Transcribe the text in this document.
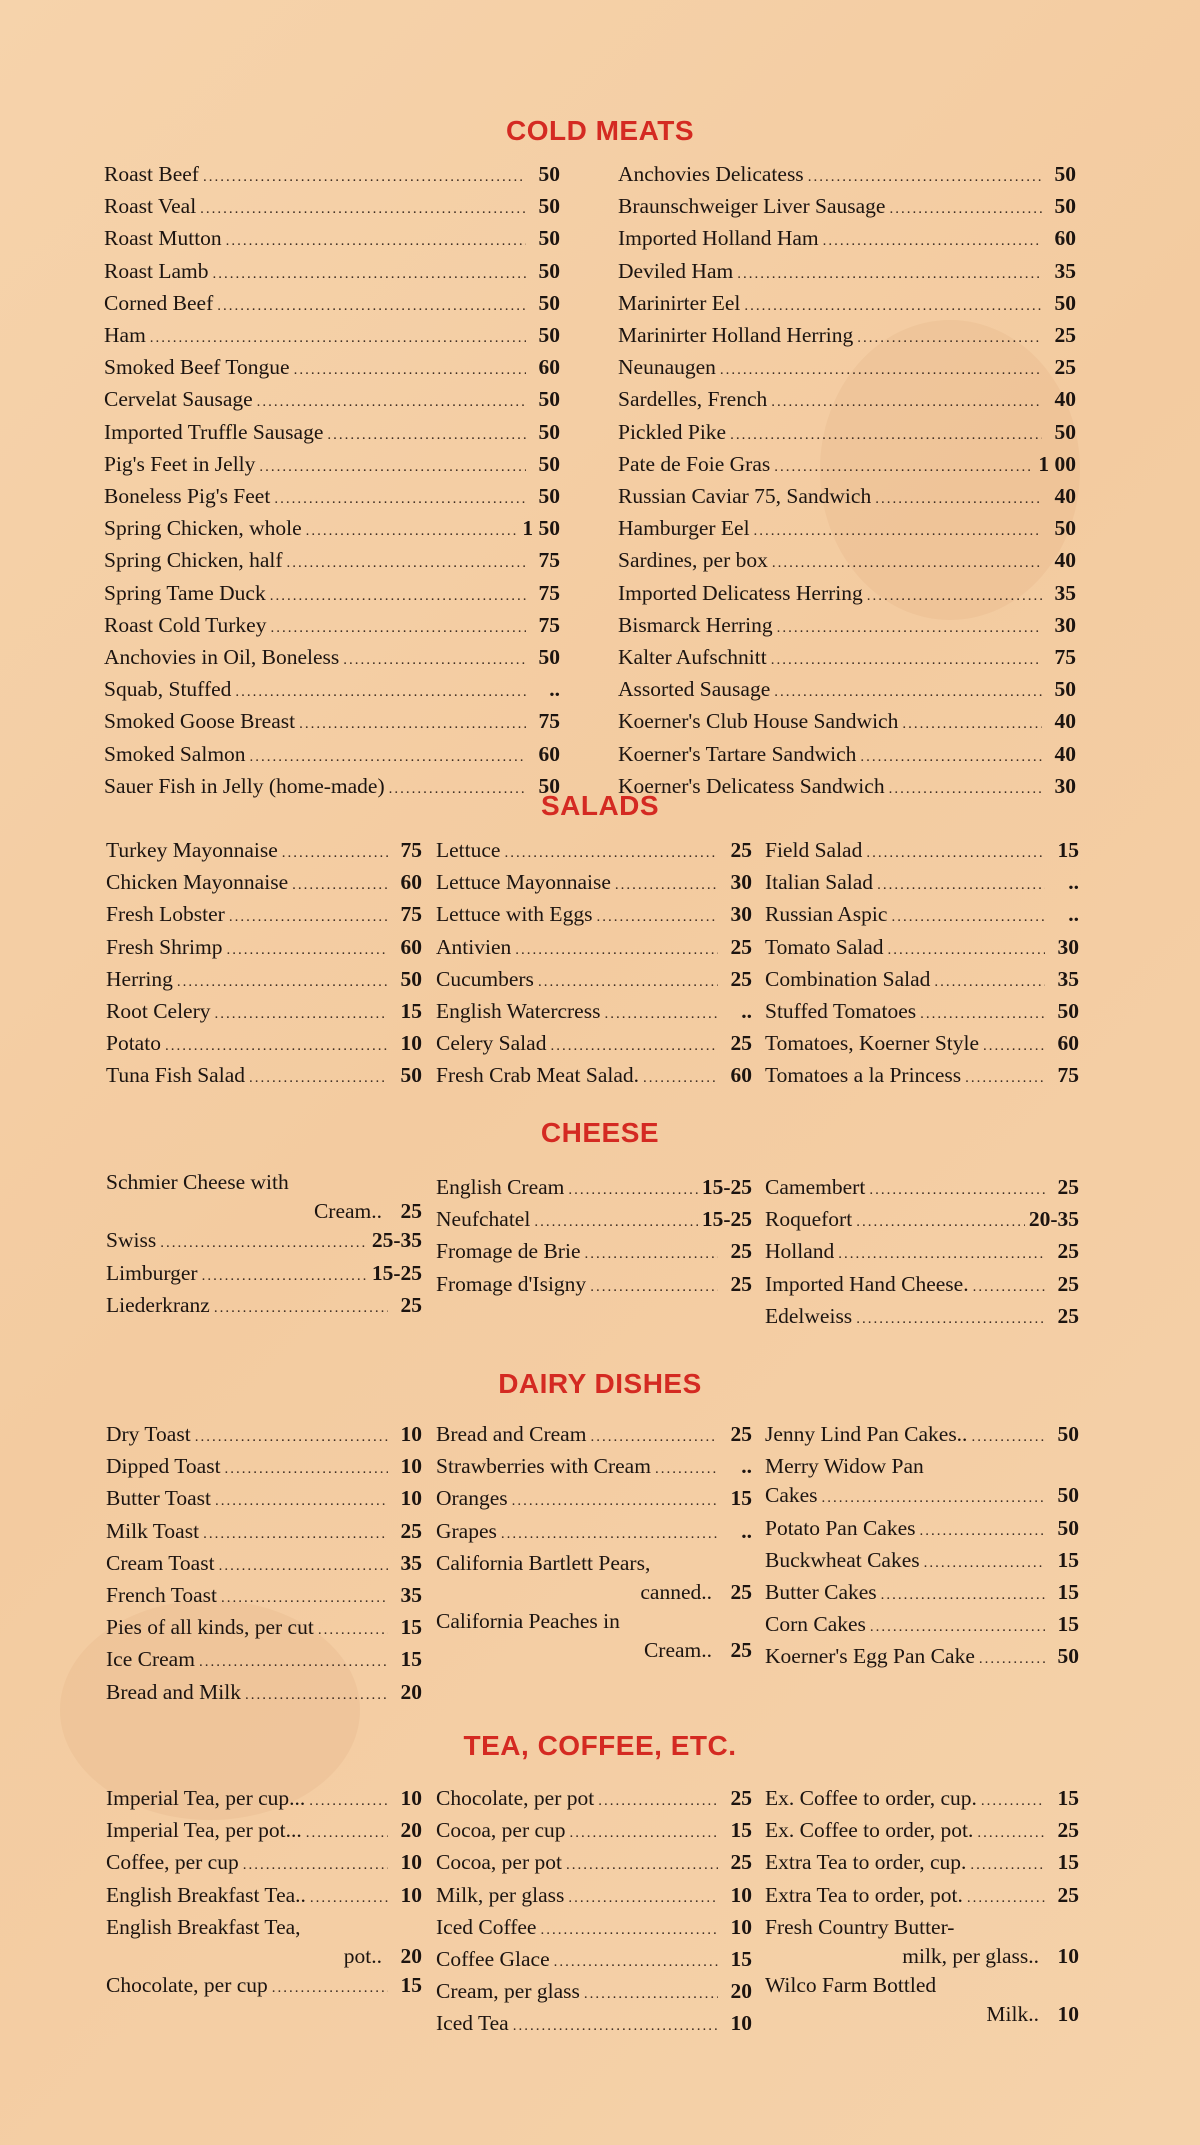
COLD MEATS
Roast Beef .....	50
Roast Veal .....	50
Roast Mutton .....	50
Roast Lamb .....	50
Corned Beef .....	50
Ham .....	50
Smoked Beef Tongue .....	60
Cervelat Sausage .....	50
Imported Truffle Sausage .....	50
Pig's Feet in Jelly .....	50
Boneless Pig's Feet .....	50
Spring Chicken, whole .....	1 50
Spring Chicken, half .....	75
Spring Tame Duck .....	75
Roast Cold Turkey .....	75
Anchovies in Oil, Boneless .....	50
Squab, Stuffed .....	..
Smoked Goose Breast .....	75
Smoked Salmon .....	60
Sauer Fish in Jelly (home-made) .....	50
Anchovies Delicatess .....	50
Braunschweiger Liver Sausage .....	50
Imported Holland Ham .....	60
Deviled Ham .....	35
Marinirter Eel .....	50
Marinirter Holland Herring .....	25
Neunaugen .....	25
Sardelles, French .....	40
Pickled Pike .....	50
Pate de Foie Gras .....	1 00
Russian Caviar 75, Sandwich .....	40
Hamburger Eel .....	50
Sardines, per box .....	40
Imported Delicatess Herring .....	35
Bismarck Herring .....	30
Kalter Aufschnitt .....	75
Assorted Sausage .....	50
Koerner's Club House Sandwich .....	40
Koerner's Tartare Sandwich .....	40
Koerner's Delicatess Sandwich .....	30
SALADS
Turkey Mayonnaise .....	75
Chicken Mayonnaise .....	60
Fresh Lobster .....	75
Fresh Shrimp .....	60
Herring .....	50
Root Celery .....	15
Potato .....	10
Tuna Fish Salad .....	50
Lettuce .....	25
Lettuce Mayonnaise .....	30
Lettuce with Eggs .....	30
Antivien .....	25
Cucumbers .....	25
English Watercress .....	..
Celery Salad .....	25
Fresh Crab Meat Salad. .....	60
Field Salad .....	15
Italian Salad .....	..
Russian Aspic .....	..
Tomato Salad .....	30
Combination Salad .....	35
Stuffed Tomatoes .....	50
Tomatoes, Koerner Style .....	60
Tomatoes a la Princess .....	75
CHEESE
Schmier Cheese with
Cream.. 25
Swiss .....	25-35
Limburger .....	15-25
Liederkranz .....	25
English Cream .....	15-25
Neufchatel .....	15-25
Fromage de Brie .....	25
Fromage d'Isigny .....	25
Camembert .....	25
Roquefort .....	20-35
Holland .....	25
Imported Hand Cheese. .....	25
Edelweiss .....	25
DAIRY DISHES
Dry Toast .....	10
Dipped Toast .....	10
Butter Toast .....	10
Milk Toast .....	25
Cream Toast .....	35
French Toast .....	35
Pies of all kinds, per cut .....	15
Ice Cream .....	15
Bread and Milk .....	20
Bread and Cream .....	25
Strawberries with Cream .....	..
Oranges .....	15
Grapes .....	..
California Bartlett Pears,
canned.. 25
California Peaches in
Cream.. 25
Jenny Lind Pan Cakes.. .....	50
Merry Widow Pan
Cakes .....	50
Potato Pan Cakes .....	50
Buckwheat Cakes .....	15
Butter Cakes .....	15
Corn Cakes .....	15
Koerner's Egg Pan Cake .....	50
TEA, COFFEE, ETC.
Imperial Tea, per cup... .....	10
Imperial Tea, per pot... .....	20
Coffee, per cup .....	10
English Breakfast Tea.. .....	10
English Breakfast Tea,
pot.. 20
Chocolate, per cup .....	15
Chocolate, per pot .....	25
Cocoa, per cup .....	15
Cocoa, per pot .....	25
Milk, per glass .....	10
Iced Coffee .....	10
Coffee Glace .....	15
Cream, per glass .....	20
Iced Tea .....	10
Ex. Coffee to order, cup. .....	15
Ex. Coffee to order, pot. .....	25
Extra Tea to order, cup. .....	15
Extra Tea to order, pot. .....	25
Fresh Country Butter-
milk, per glass.. 10
Wilco Farm Bottled
Milk.. 10
